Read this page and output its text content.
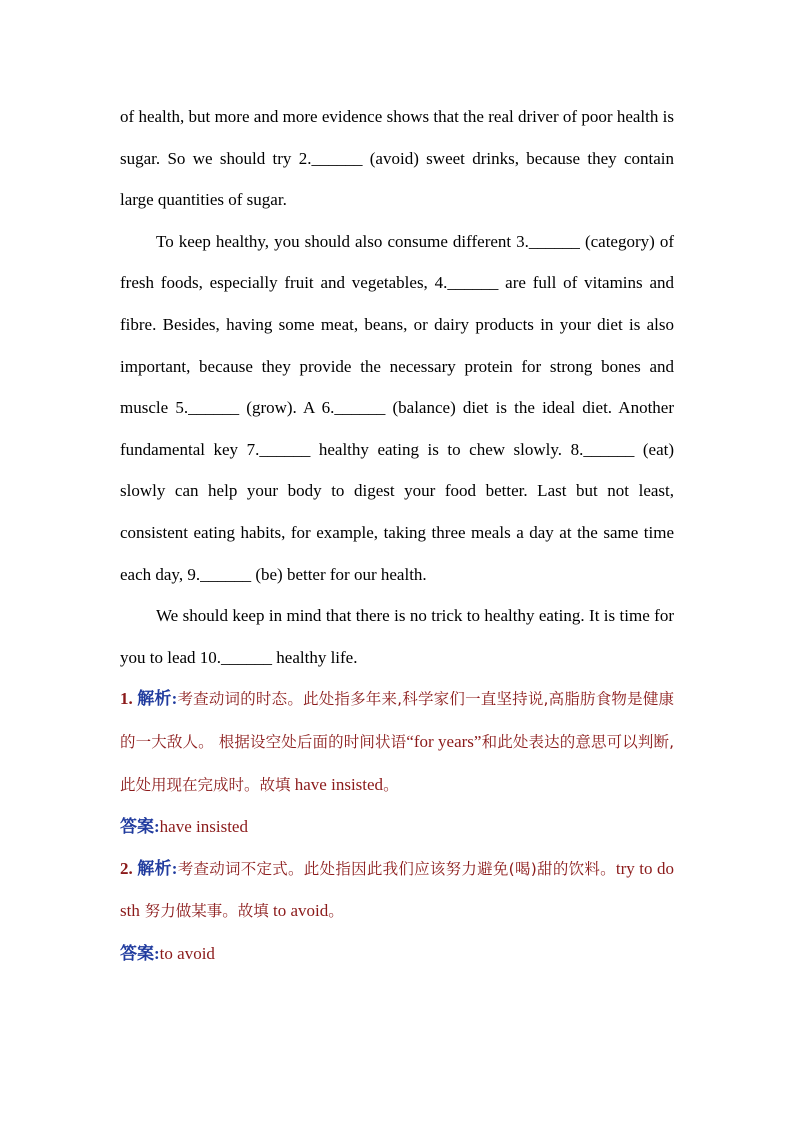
of health, but more and more evidence shows that the real driver of poor health is sugar. So we should try 2.______ (avoid) sweet drinks, because they contain large quantities of sugar.

To keep healthy, you should also consume different 3.______ (category) of fresh foods, especially fruit and vegetables, 4.______ are full of vitamins and fibre. Besides, having some meat, beans, or dairy products in your diet is also important, because they provide the necessary protein for strong bones and muscle 5.______ (grow). A 6.______ (balance) diet is the ideal diet. Another fundamental key 7.______ healthy eating is to chew slowly. 8.______ (eat) slowly can help your body to digest your food better. Last but not least, consistent eating habits, for example, taking three meals a day at the same time each day, 9.______ (be) better for our health.

We should keep in mind that there is no trick to healthy eating. It is time for you to lead 10.______ healthy life.

1. 解析:考查动词的时态。此处指多年来,科学家们一直坚持说,高脂肪食物是健康的一大敌人。 根据设空处后面的时间状语“for years”和此处表达的意思可以判断,此处用现在完成时。故填 have insisted。

答案:have insisted

2. 解析:考查动词不定式。此处指因此我们应该努力避免(喝)甜的饮料。try to do sth 努力做某事。故填 to avoid。

答案:to avoid
